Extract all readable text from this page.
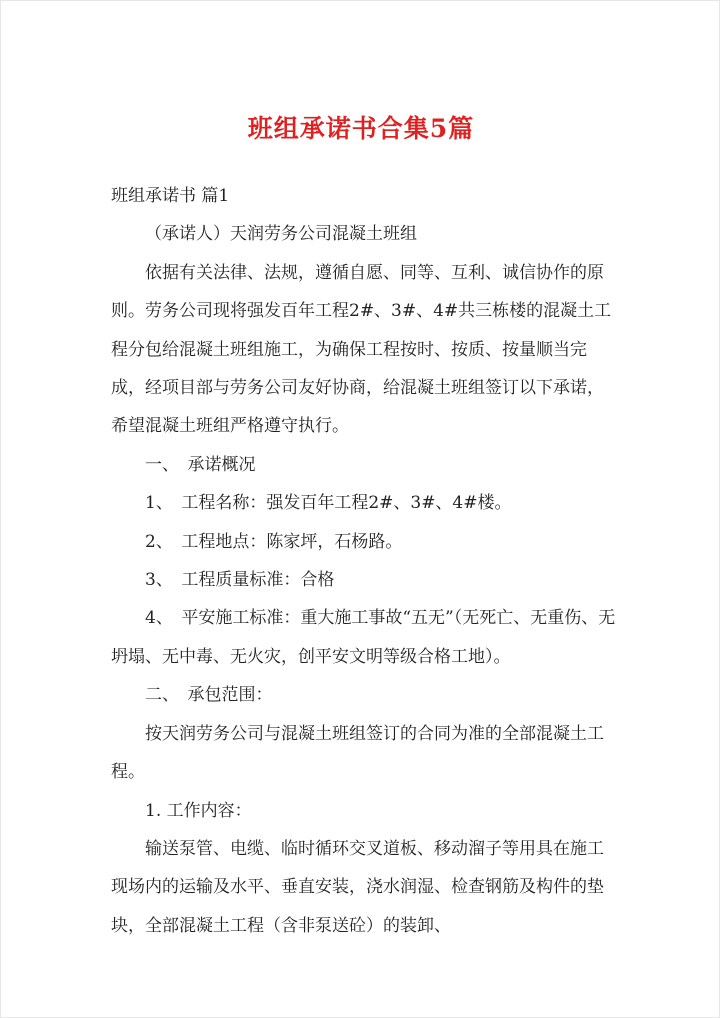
班组承诺书合集5篇

班组承诺书 篇1

（承诺人）天润劳务公司混凝土班组

依据有关法律、法规，遵循自愿、同等、互利、诚信协作的原则。劳务公司现将强发百年工程2#、3#、4#共三栋楼的混凝土工程分包给混凝土班组施工，为确保工程按时、按质、按量顺当完成，经项目部与劳务公司友好协商，给混凝土班组签订以下承诺，希望混凝土班组严格遵守执行。

一、　承诺概况

1、　工程名称：强发百年工程2#、3#、4#楼。

2、　工程地点：陈家坪，石杨路。

3、　工程质量标准：合格

4、　平安施工标准：重大施工事故“五无”（无死亡、无重伤、无坍塌、无中毒、无火灾，创平安文明等级合格工地）。

二、　承包范围：

按天润劳务公司与混凝土班组签订的合同为准的全部混凝土工程。

1. 工作内容：

输送泵管、电缆、临时循环交叉道板、移动溜子等用具在施工现场内的运输及水平、垂直安装，浇水润湿、检查钢筋及构件的垫块，全部混凝土工程（含非泵送砼）的装卸、
